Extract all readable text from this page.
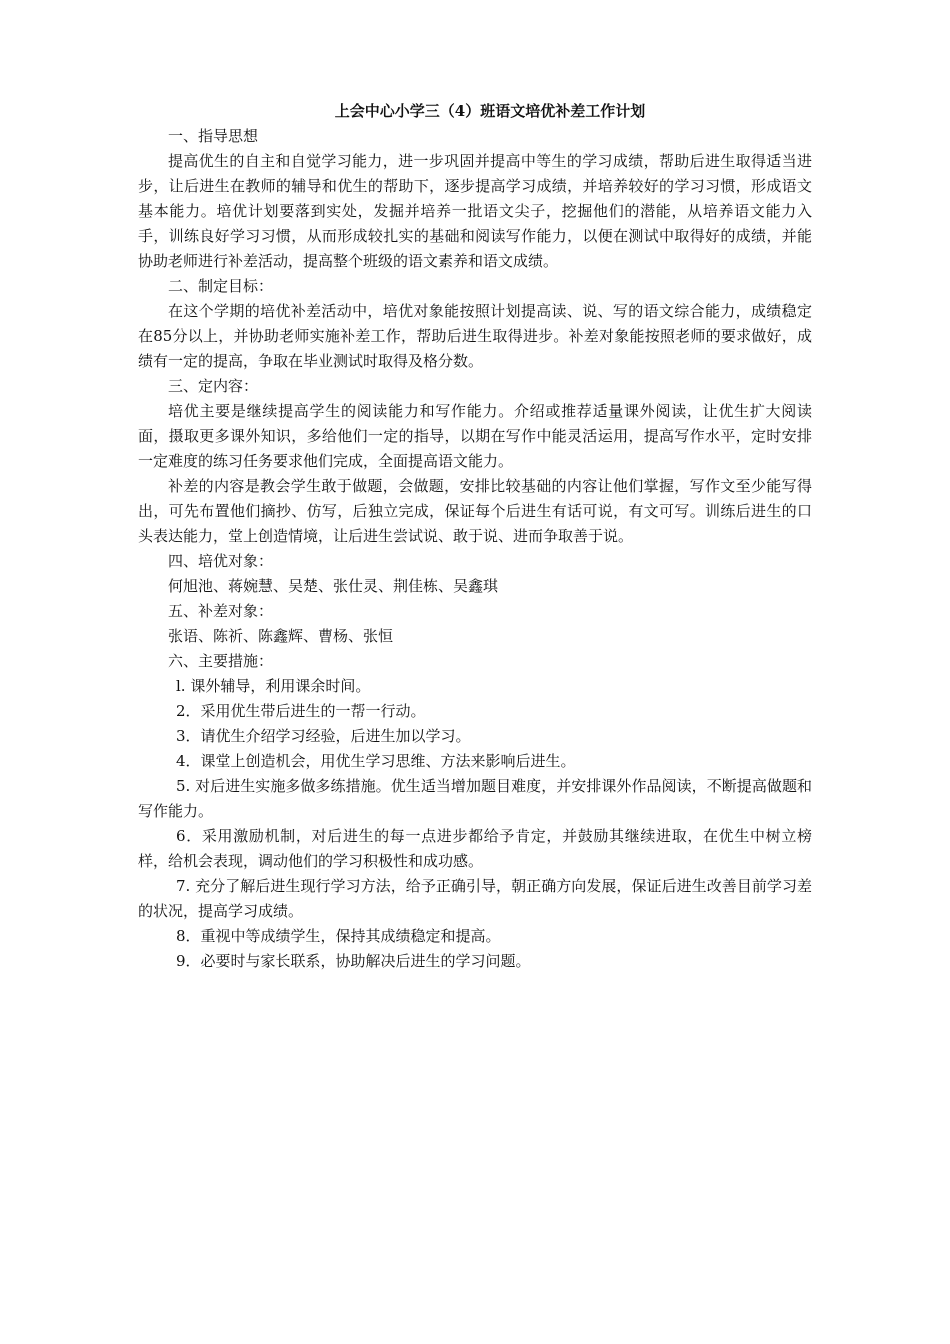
上会中心小学三（4）班语文培优补差工作计划
一、指导思想
提高优生的自主和自觉学习能力，进一步巩固并提高中等生的学习成绩，帮助后进生取得适当进步，让后进生在教师的辅导和优生的帮助下，逐步提高学习成绩，并培养较好的学习习惯，形成语文基本能力。培优计划要落到实处，发掘并培养一批语文尖子，挖掘他们的潜能，从培养语文能力入手，训练良好学习习惯，从而形成较扎实的基础和阅读写作能力，以便在测试中取得好的成绩，并能协助老师进行补差活动，提高整个班级的语文素养和语文成绩。
二、制定目标：
在这个学期的培优补差活动中，培优对象能按照计划提高读、说、写的语文综合能力，成绩稳定在85分以上，并协助老师实施补差工作，帮助后进生取得进步。补差对象能按照老师的要求做好，成绩有一定的提高，争取在毕业测试时取得及格分数。
三、定内容：
培优主要是继续提高学生的阅读能力和写作能力。介绍或推荐适量课外阅读，让优生扩大阅读面，摄取更多课外知识，多给他们一定的指导，以期在写作中能灵活运用，提高写作水平，定时安排一定难度的练习任务要求他们完成，全面提高语文能力。
补差的内容是教会学生敢于做题，会做题，安排比较基础的内容让他们掌握，写作文至少能写得出，可先布置他们摘抄、仿写，后独立完成，保证每个后进生有话可说，有文可写。训练后进生的口头表达能力，堂上创造情境，让后进生尝试说、敢于说、进而争取善于说。
四、培优对象：
何旭池、蒋婉慧、吴楚、张仕灵、荆佳栋、吴鑫琪
五、补差对象：
张语、陈祈、陈鑫辉、曹杨、张恒
六、主要措施：
l. 课外辅导，利用课余时间。
2．采用优生带后进生的一帮一行动。
3．请优生介绍学习经验，后进生加以学习。
4．课堂上创造机会，用优生学习思维、方法来影响后进生。
5. 对后进生实施多做多练措施。优生适当增加题目难度，并安排课外作品阅读，不断提高做题和写作能力。
6．采用激励机制，对后进生的每一点进步都给予肯定，并鼓励其继续进取，在优生中树立榜样，给机会表现，调动他们的学习积极性和成功感。
7. 充分了解后进生现行学习方法，给予正确引导，朝正确方向发展，保证后进生改善目前学习差的状况，提高学习成绩。
8．重视中等成绩学生，保持其成绩稳定和提高。
9．必要时与家长联系，协助解决后进生的学习问题。
